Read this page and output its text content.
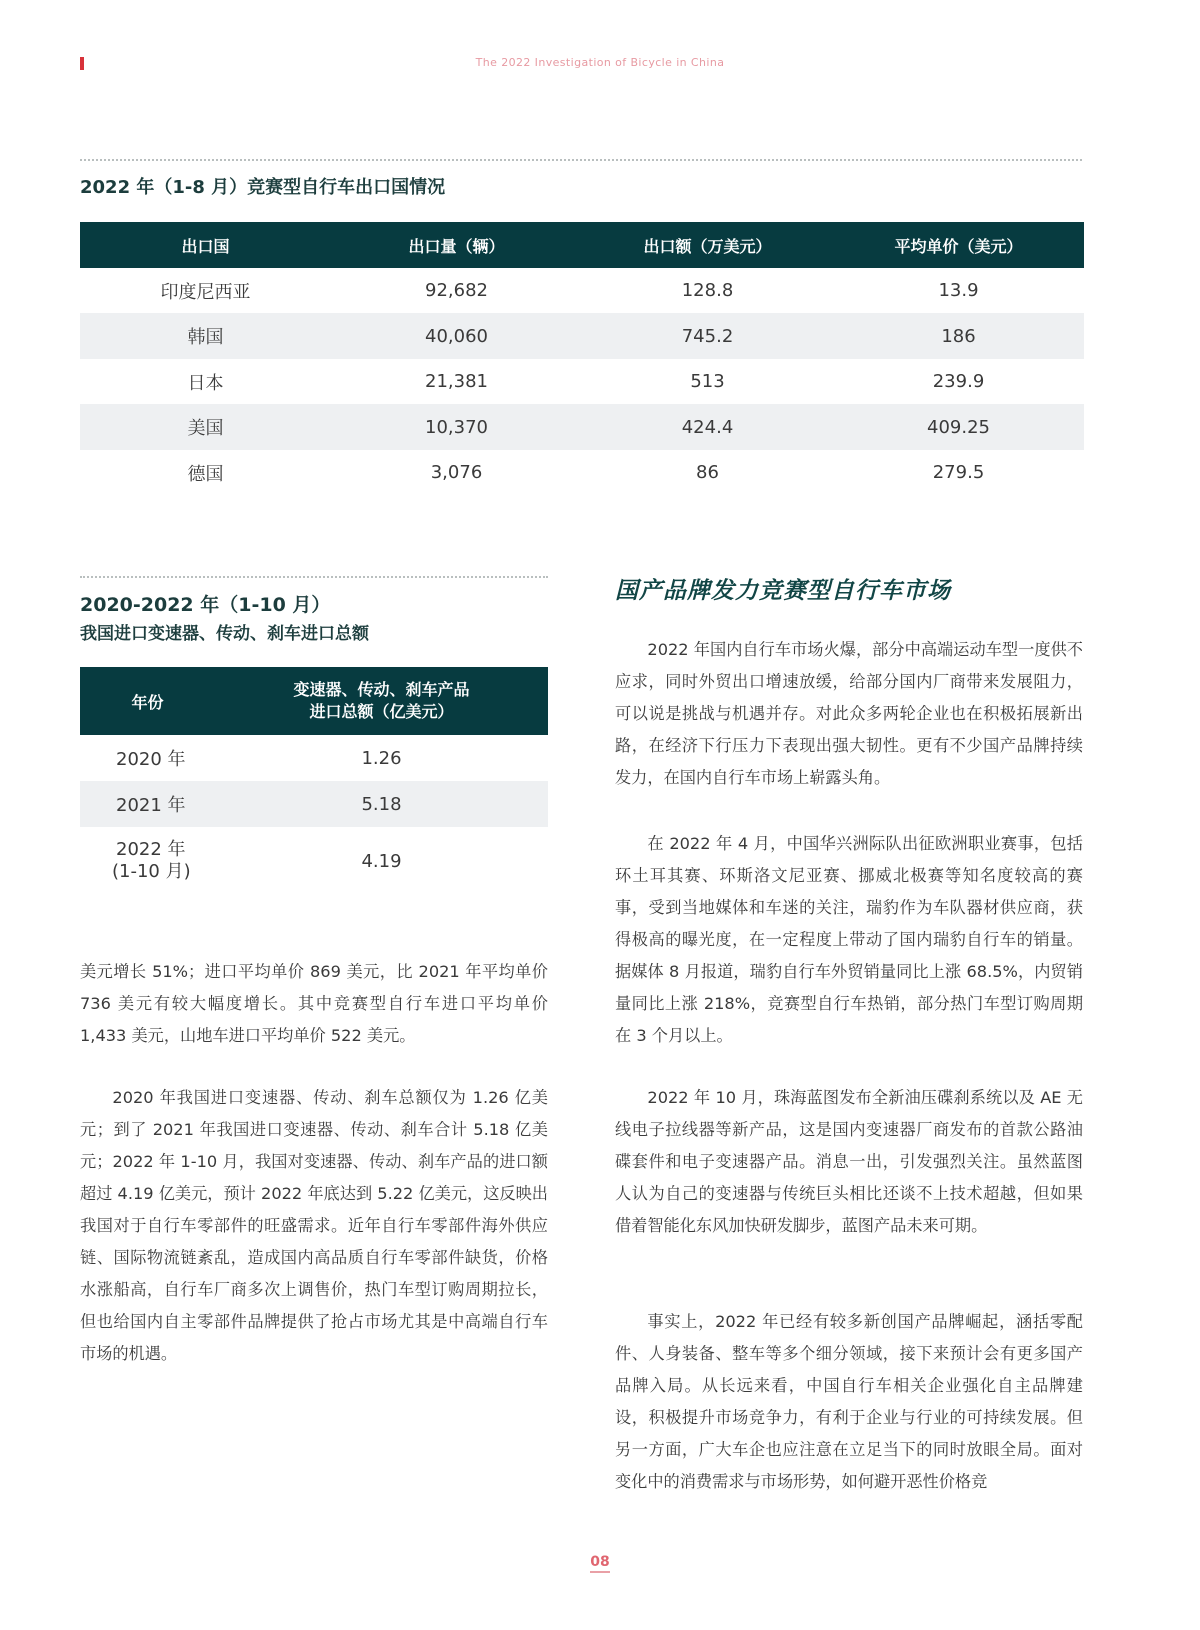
The 2022 Investigation of Bicycle in China
2022 年（1-8 月）竞赛型自行车出口国情况
出口国	出口量（辆）	出口额（万美元）	平均单价（美元）
印度尼西亚	92,682	128.8	13.9
韩国	40,060	745.2	186
日本	21,381	513	239.9
美国	10,370	424.4	409.25
德国	3,076	86	279.5
2020-2022 年（1-10 月）
我国进口变速器、传动、刹车进口总额
年份	变速器、传动、刹车产品
进口总额（亿美元）

2020 年	1.26
2021 年	5.18

2022 年
(1-10 月)	4.19

美元增长 51%；进口平均单价 869 美元，比 2021 年平均单价 736 美元有较大幅度增长。其中竞赛型自行车进口平均单价 1,433 美元，山地车进口平均单价 522 美元。

2020 年我国进口变速器、传动、刹车总额仅为 1.26 亿美元；到了 2021 年我国进口变速器、传动、刹车合计 5.18 亿美元；2022 年 1-10 月，我国对变速器、传动、刹车产品的进口额超过 4.19 亿美元，预计 2022 年底达到 5.22 亿美元，这反映出我国对于自行车零部件的旺盛需求。近年自行车零部件海外供应链、国际物流链紊乱，造成国内高品质自行车零部件缺货，价格水涨船高，自行车厂商多次上调售价，热门车型订购周期拉长，但也给国内自主零部件品牌提供了抢占市场尤其是中高端自行车市场的机遇。

国产品牌发力竞赛型自行车市场

2022 年国内自行车市场火爆，部分中高端运动车型一度供不应求，同时外贸出口增速放缓，给部分国内厂商带来发展阻力，可以说是挑战与机遇并存。对此众多两轮企业也在积极拓展新出路，在经济下行压力下表现出强大韧性。更有不少国产品牌持续发力，在国内自行车市场上崭露头角。

在 2022 年 4 月，中国华兴洲际队出征欧洲职业赛事，包括环土耳其赛、环斯洛文尼亚赛、挪威北极赛等知名度较高的赛事，受到当地媒体和车迷的关注，瑞豹作为车队器材供应商，获得极高的曝光度，在一定程度上带动了国内瑞豹自行车的销量。据媒体 8 月报道，瑞豹自行车外贸销量同比上涨 68.5%，内贸销量同比上涨 218%，竞赛型自行车热销，部分热门车型订购周期在 3 个月以上。

2022 年 10 月，珠海蓝图发布全新油压碟刹系统以及 AE 无线电子拉线器等新产品，这是国内变速器厂商发布的首款公路油碟套件和电子变速器产品。消息一出，引发强烈关注。虽然蓝图人认为自己的变速器与传统巨头相比还谈不上技术超越，但如果借着智能化东风加快研发脚步，蓝图产品未来可期。

事实上，2022 年已经有较多新创国产品牌崛起，涵括零配件、人身装备、整车等多个细分领域，接下来预计会有更多国产品牌入局。从长远来看，中国自行车相关企业强化自主品牌建设，积极提升市场竞争力，有利于企业与行业的可持续发展。但另一方面，广大车企也应注意在立足当下的同时放眼全局。面对变化中的消费需求与市场形势，如何避开恶性价格竞

08
